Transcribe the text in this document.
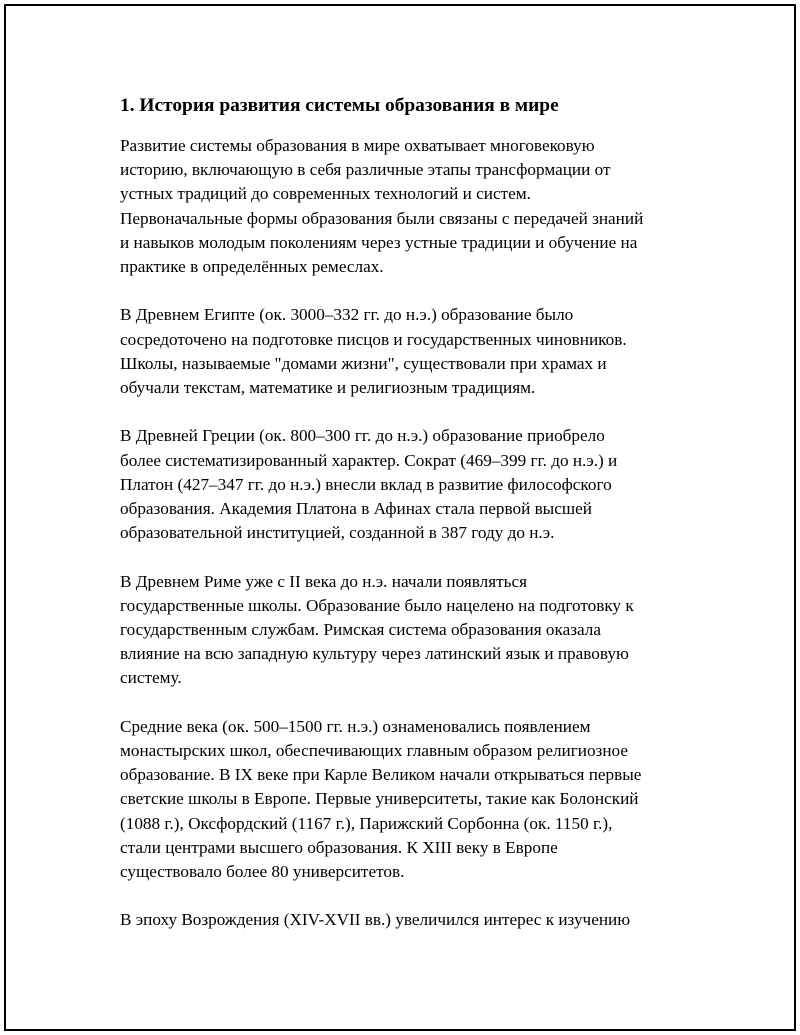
1. История развития системы образования в мире
Развитие системы образования в мире охватывает многовековую
историю, включающую в себя различные этапы трансформации от
устных традиций до современных технологий и систем.
Первоначальные формы образования были связаны с передачей знаний
и навыков молодым поколениям через устные традиции и обучение на
практике в определённых ремеслах.
В Древнем Египте (ок. 3000–332 гг. до н.э.) образование было
сосредоточено на подготовке писцов и государственных чиновников.
Школы, называемые "домами жизни", существовали при храмах и
обучали текстам, математике и религиозным традициям.
В Древней Греции (ок. 800–300 гг. до н.э.) образование приобрело
более систематизированный характер. Сократ (469–399 гг. до н.э.) и
Платон (427–347 гг. до н.э.) внесли вклад в развитие философского
образования. Академия Платона в Афинах стала первой высшей
образовательной институцией, созданной в 387 году до н.э.
В Древнем Риме уже с II века до н.э. начали появляться
государственные школы. Образование было нацелено на подготовку к
государственным службам. Римская система образования оказала
влияние на всю западную культуру через латинский язык и правовую
систему.
Средние века (ок. 500–1500 гг. н.э.) ознаменовались появлением
монастырских школ, обеспечивающих главным образом религиозное
образование. В IX веке при Карле Великом начали открываться первые
светские школы в Европе. Первые университеты, такие как Болонский
(1088 г.), Оксфордский (1167 г.), Парижский Сорбонна (ок. 1150 г.),
стали центрами высшего образования. К XIII веку в Европе
существовало более 80 университетов.
В эпоху Возрождения (XIV-XVII вв.) увеличился интерес к изучению
